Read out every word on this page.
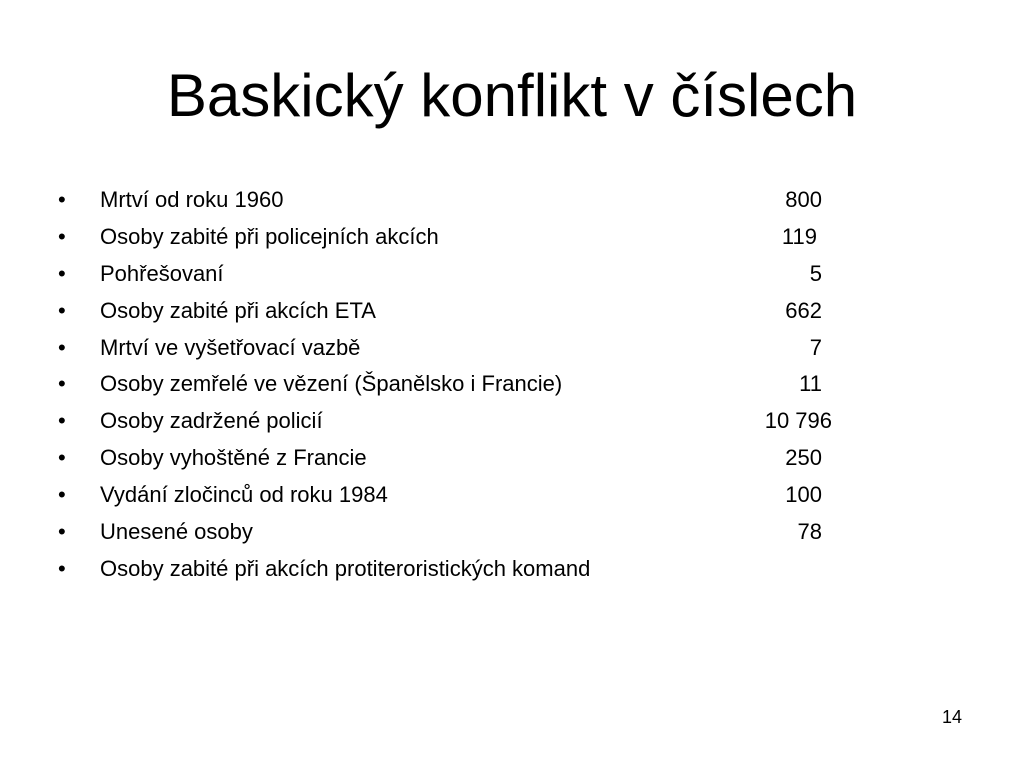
Baskický konflikt v číslech
•	Mrtví od roku 1960	800
•	Osoby zabité při policejních akcích	119
•	Pohřešovaní	5
•	Osoby zabité při akcích ETA	662
•	Mrtví ve vyšetřovací vazbě	7
•	Osoby zemřelé ve vězení (Španělsko i Francie)	11
•	Osoby zadržené policií	10 796
•	Osoby vyhoštěné z Francie	250
•	Vydání zločinců od roku 1984	100
•	Unesené osoby	78
•	Osoby zabité při akcích protiteroristických komand
14
